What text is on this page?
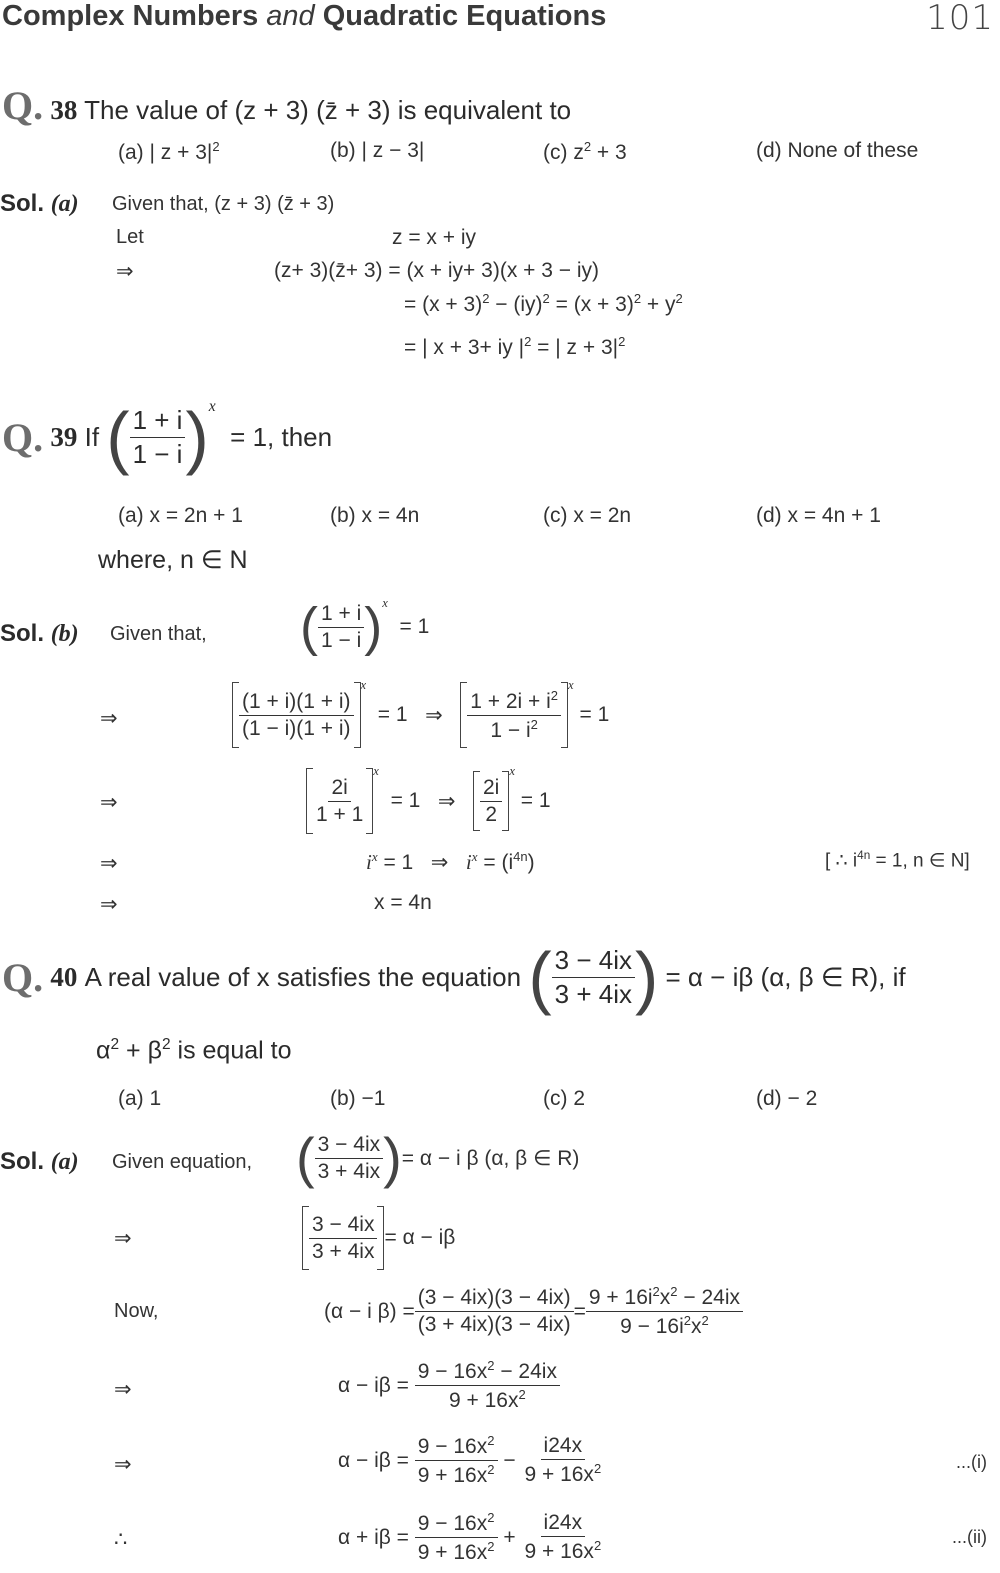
Complex Numbers and Quadratic Equations	101
Q. 38 The value of (z + 3) (z̄ + 3) is equivalent to
(a) | $z + 3|^2$	(b) | z − 3|	(c) $z^2 + 3$	(d) None of these
Sol. (a) Given that, (z + 3) (z̄ + 3)
Let	z = x + iy
⇒	(z+ 3)(z̄+ 3) = (x + iy+ 3)(x + 3 − iy)
= $(x + 3)^2 - (iy)^2 = (x + 3)^2 + y^2$
= | x + 3+ iy $|^2$ = | $z + 3|^2$
Q.
39
If
( $\frac{1 + i}{1 - i}$ ) x

= 1, then
(a) x = 2n + 1	(b) x = 4n	(c) x = 2n	(d) x = 4n + 1
where, n ∈ N
Sol. (b) Given that, ( $\frac{1 + i}{1 - i}$ ) x

= 1
⇒	$\frac{(1 + i)(1 + i)}{(1 - i)(1 + i)}$
x

= 1
⇒
$\frac{1 + 2i + i^2}{1 - i^2}$
x

= 1
⇒	$\frac{2i}{1 + 1}$
x

= 1
⇒
$\frac{2i}{2}$
x

= 1
⇒	$i^x = 1$ ⇒ $i^x = (i^{4n})$	[ ∴ $i^{4n} = 1$, n ∈ N]
⇒	x = 4n
Q.
40
A real value of x satisfies the equation
( $\frac{3 - 4ix}{3 + 4ix}$ )
= α − iβ (α, β ∈ R), if
$\alpha^2 + \beta^2$ is equal to
(a) 1	(b) −1	(c) 2	(d) − 2
Sol. (a) Given equation, ( $\frac{3 - 4ix}{3 + 4ix}$ ) = α − i β (α, β ∈ R)
⇒	$\frac{3 - 4ix}{3 + 4ix} = \alpha - i\beta$
Now,	(α − i $\beta) = \frac{(3 - 4ix)(3 - 4ix)}{(3 + 4ix)(3 - 4ix)} = \frac{9 + 16i^2x^2 - 24ix}{9 - 16i^2x^2}$
⇒	α − iβ =
$\frac{9 - 16x^2 - 24ix}{9 + 16x^2}$
⇒	α − iβ =
$\frac{9 - 16x^2}{9 + 16x^2}$
−
$\frac{i24x}{9 + 16x^2}$	...(i)
∴	α + iβ =
$\frac{9 - 16x^2}{9 + 16x^2}$
+
$\frac{i24x}{9 + 16x^2}$	...(ii)
